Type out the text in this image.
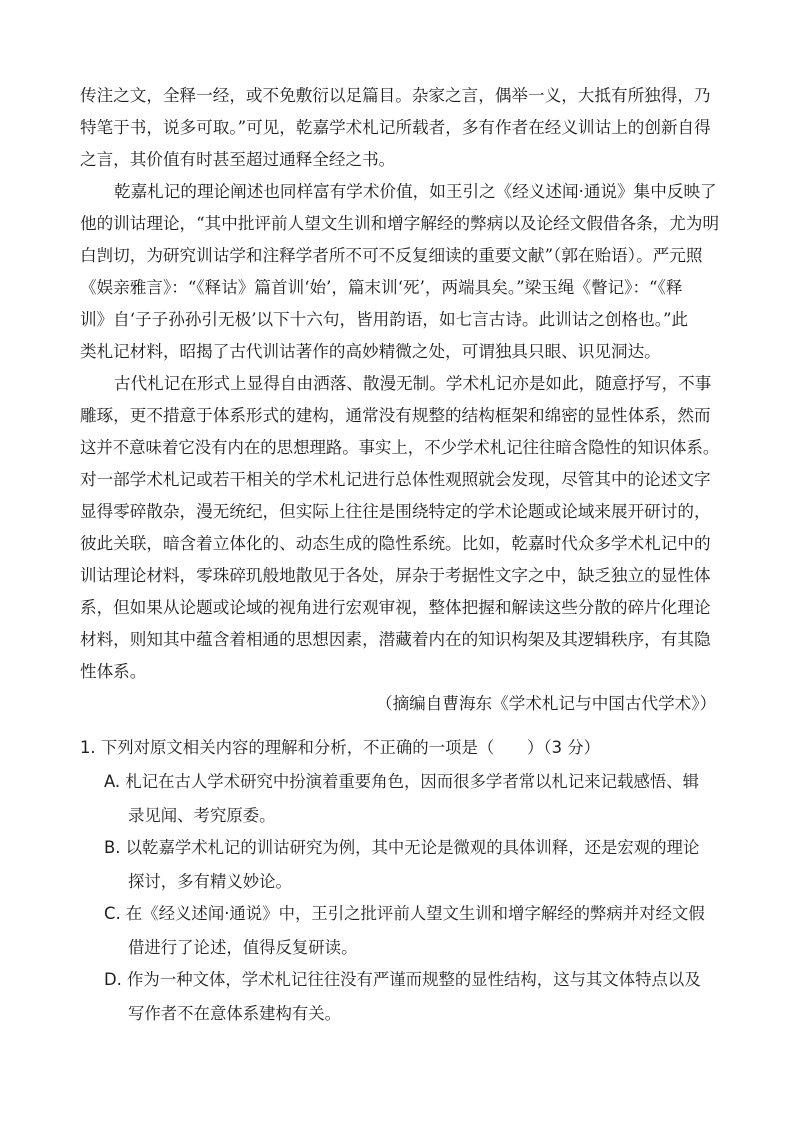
传注之文，全释一经，或不免敷衍以足篇目。杂家之言，偶举一义，大抵有所独得，乃
特笔于书，说多可取。”可见，乾嘉学术札记所载者，多有作者在经义训诂上的创新自得
之言，其价值有时甚至超过通释全经之书。
乾嘉札记的理论阐述也同样富有学术价值，如王引之《经义述闻·通说》集中反映了
他的训诂理论，“其中批评前人望文生训和增字解经的弊病以及论经文假借各条，尤为明
白剀切，为研究训诂学和注释学者所不可不反复细读的重要文献”（郭在贻语）。严元照
《娱亲雅言》：“《释诂》篇首训‘始’，篇末训‘死’，两端具矣。”梁玉绳《瞥记》：“《释
训》自‘子子孙孙引无极’以下十六句，皆用韵语，如七言古诗。此训诂之创格也。”此
类札记材料，昭揭了古代训诂著作的高妙精微之处，可谓独具只眼、识见洞达。
古代札记在形式上显得自由洒落、散漫无制。学术札记亦是如此，随意抒写，不事
雕琢，更不措意于体系形式的建构，通常没有规整的结构框架和绵密的显性体系，然而
这并不意味着它没有内在的思想理路。事实上，不少学术札记往往暗含隐性的知识体系。
对一部学术札记或若干相关的学术札记进行总体性观照就会发现，尽管其中的论述文字
显得零碎散杂，漫无统纪，但实际上往往是围绕特定的学术论题或论域来展开研讨的，
彼此关联，暗含着立体化的、动态生成的隐性系统。比如，乾嘉时代众多学术札记中的
训诂理论材料，零珠碎玑般地散见于各处，屏杂于考据性文字之中，缺乏独立的显性体
系，但如果从论题或论域的视角进行宏观审视，整体把握和解读这些分散的碎片化理论
材料，则知其中蕴含着相通的思想因素，潜藏着内在的知识构架及其逻辑秩序，有其隐
性体系。
（摘编自曹海东《学术札记与中国古代学术》）
1. 下列对原文相关内容的理解和分析，不正确的一项是（　　）（3 分）
A. 札记在古人学术研究中扮演着重要角色，因而很多学者常以札记来记载感悟、辑
录见闻、考究原委。
B. 以乾嘉学术札记的训诂研究为例，其中无论是微观的具体训释，还是宏观的理论
探讨，多有精义妙论。
C. 在《经义述闻·通说》中，王引之批评前人望文生训和增字解经的弊病并对经文假
借进行了论述，值得反复研读。
D. 作为一种文体，学术札记往往没有严谨而规整的显性结构，这与其文体特点以及
写作者不在意体系建构有关。
